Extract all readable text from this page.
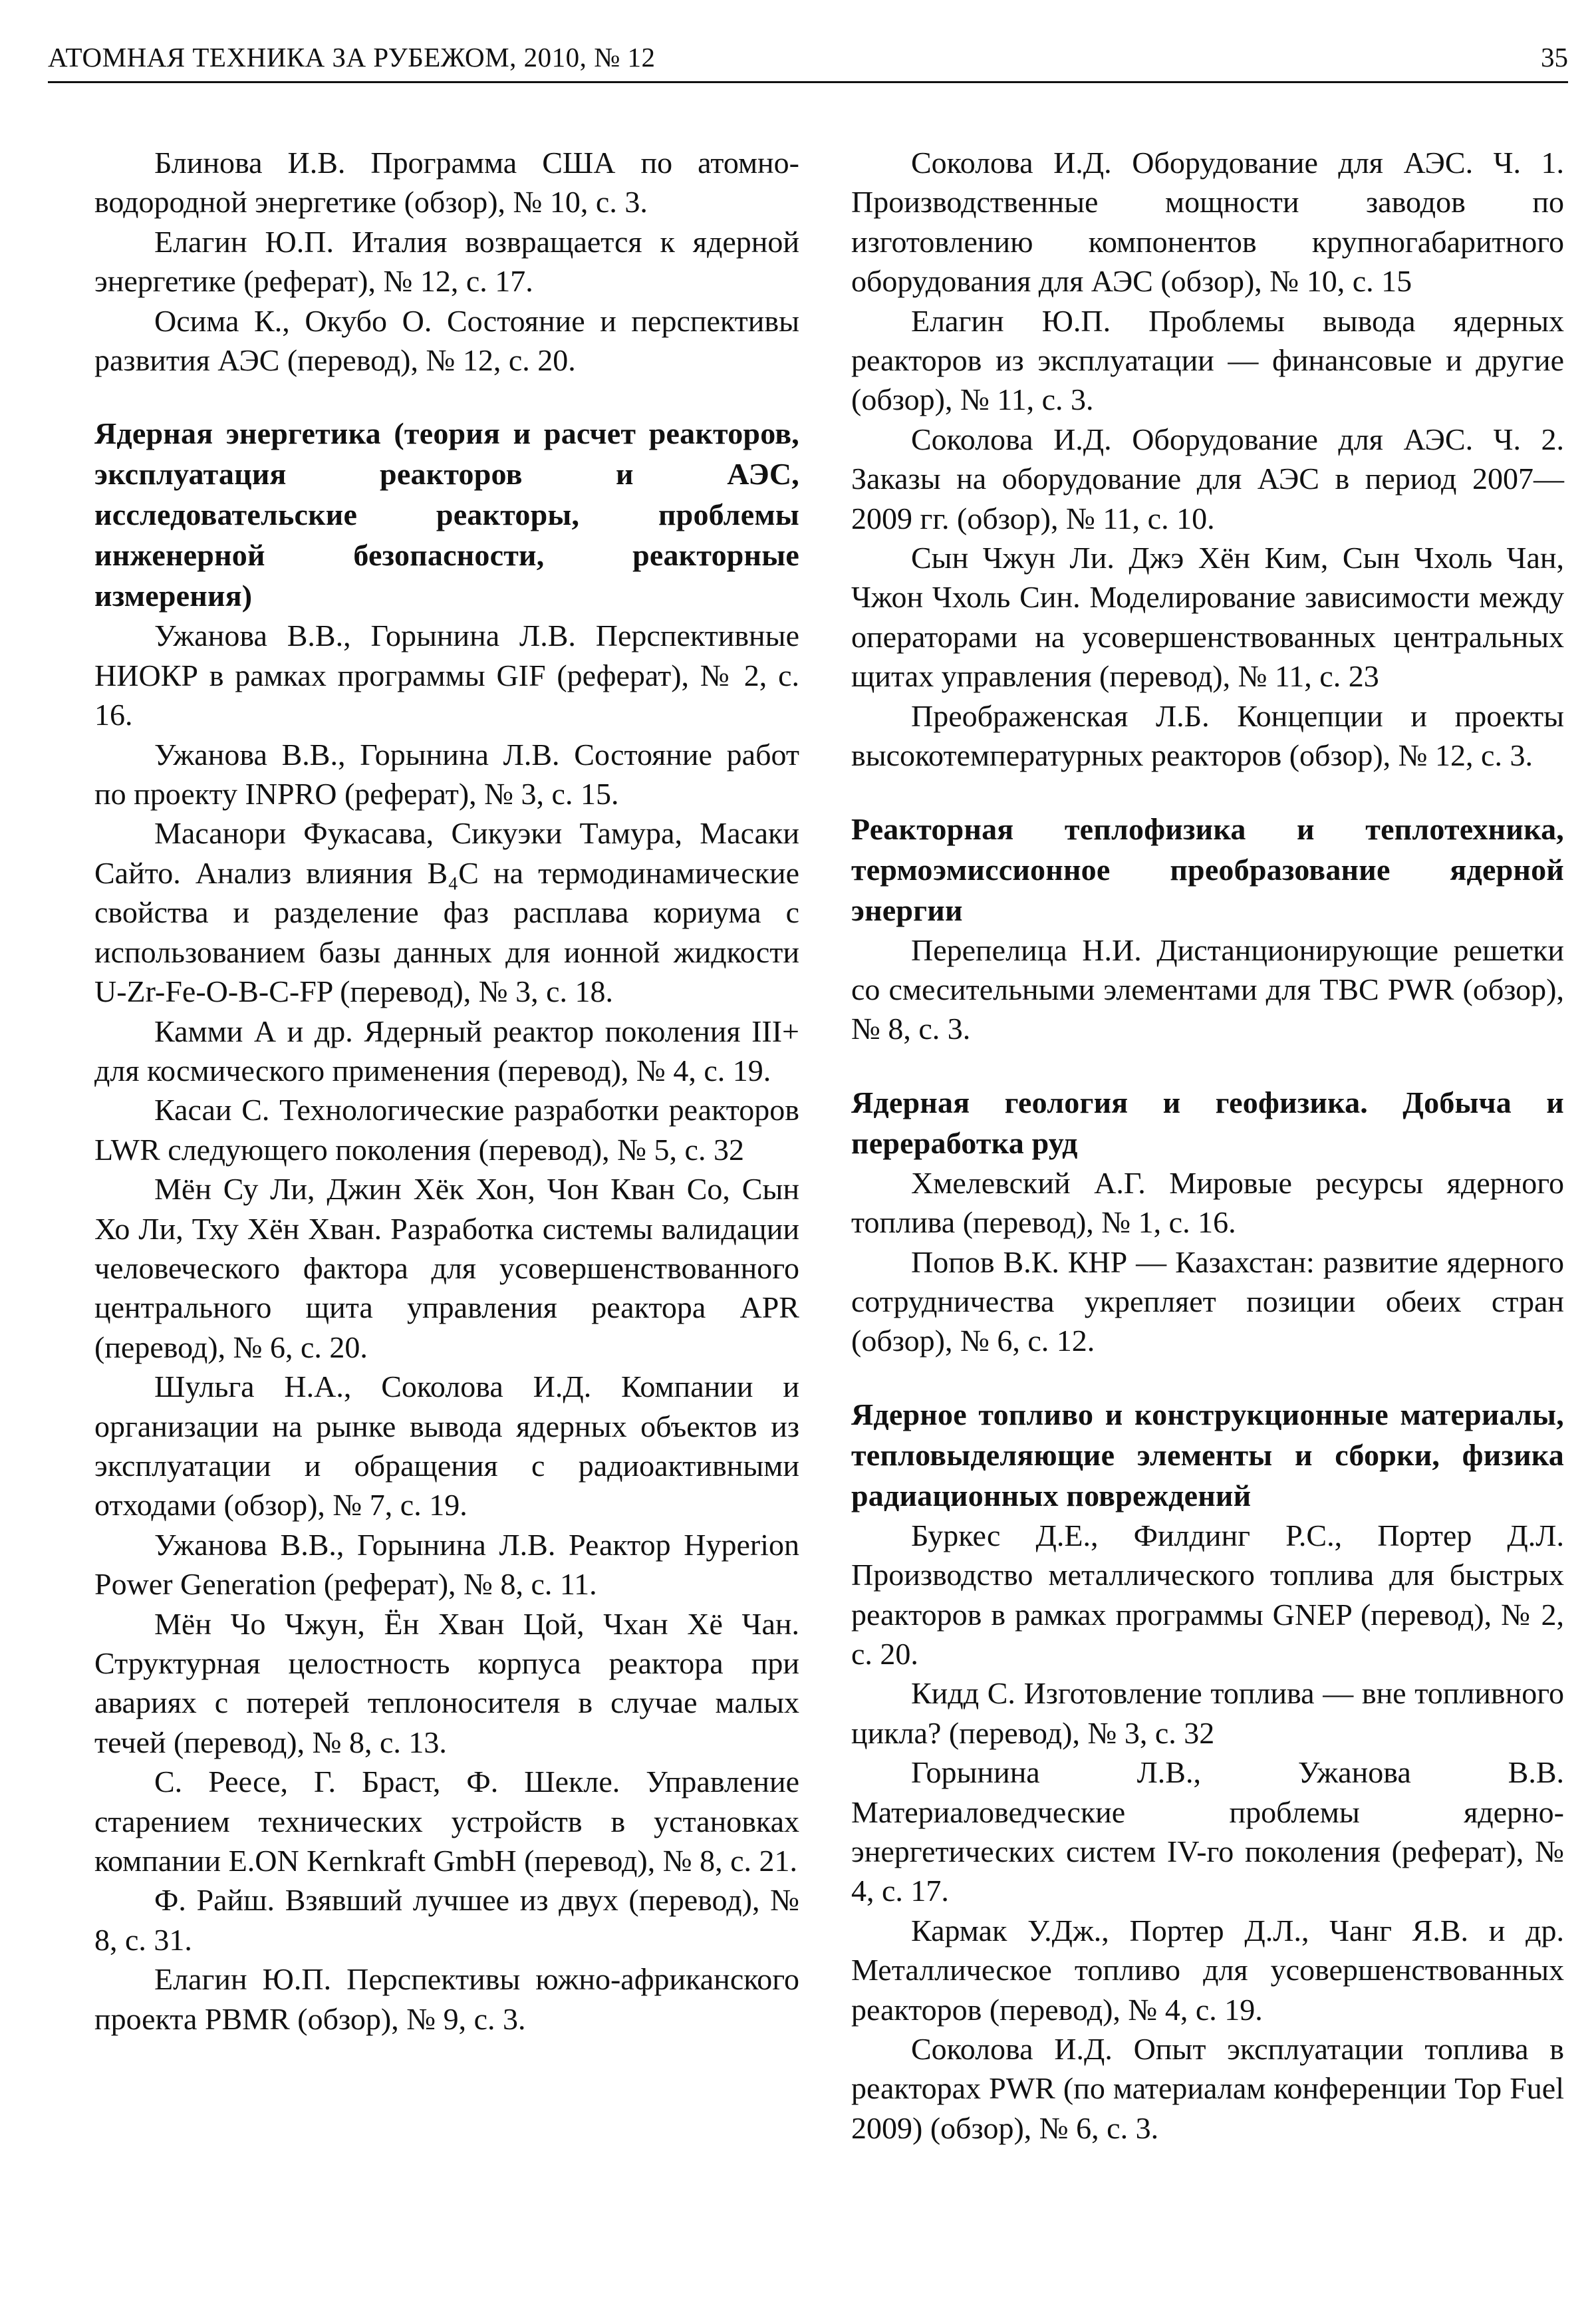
АТОМНАЯ ТЕХНИКА ЗА РУБЕЖОМ, 2010, № 12	35

Блинова И.В. Программа США по атомно-водородной энергетике (обзор), № 10, с. 3.

Елагин Ю.П. Италия возвращается к ядерной энергетике (реферат), № 12, с. 17.

Осима К., Окубо О. Состояние и перспективы развития АЭС (перевод), № 12, с. 20.

Ядерная энергетика (теория и расчет реакторов, эксплуатация реакторов и АЭС, исследовательские реакторы, проблемы инженерной безопасности, реакторные измерения)

Ужанова В.В., Горынина Л.В. Перспективные НИОКР в рамках программы GIF (реферат), № 2, с. 16.

Ужанова В.В., Горынина Л.В. Состояние работ по проекту INPRO (реферат), № 3, с. 15.

Масанори Фукасава, Сикуэки Тамура, Масаки Сайто. Анализ влияния B₄C на термодинамические свойства и разделение фаз расплава кориума с использованием базы данных для ионной жидкости U-Zr-Fe-O-B-C-FP (перевод), № 3, с. 18.

Камми А и др. Ядерный реактор поколения III+ для космического применения (перевод), № 4, с. 19.

Касаи С. Технологические разработки реакторов LWR следующего поколения (перевод), № 5, с. 32

Мён Су Ли, Джин Хёк Хон, Чон Кван Со, Сын Хо Ли, Тху Хён Хван. Разработка системы валидации человеческого фактора для усовершенствованного центрального щита управления реактора APR (перевод), № 6, с. 20.

Шульга Н.А., Соколова И.Д. Компании и организации на рынке вывода ядерных объектов из эксплуатации и обращения с радиоактивными отходами (обзор), № 7, с. 19.

Ужанова В.В., Горынина Л.В. Реактор Hyperion Power Generation (реферат), № 8, с. 11.

Мён Чо Чжун, Ён Хван Цой, Чхан Хё Чан. Структурная целостность корпуса реактора при авариях с потерей теплоносителя в случае малых течей (перевод), № 8, с. 13.

С. Реесе, Г. Браст, Ф. Шекле. Управление старением технических устройств в установках компании E.ON Kernkraft GmbH (перевод), № 8, с. 21.

Ф. Райш. Взявший лучшее из двух (перевод), № 8, с. 31.

Елагин Ю.П. Перспективы южно-африканского проекта PBMR (обзор), № 9, с. 3.

Соколова И.Д. Оборудование для АЭС. Ч. 1. Производственные мощности заводов по изготовлению компонентов крупногабаритного оборудования для АЭС (обзор), № 10, с. 15

Елагин Ю.П. Проблемы вывода ядерных реакторов из эксплуатации — финансовые и другие (обзор), № 11, с. 3.

Соколова И.Д. Оборудование для АЭС. Ч. 2. Заказы на оборудование для АЭС в период 2007—2009 гг. (обзор), № 11, с. 10.

Сын Чжун Ли. Джэ Хён Ким, Сын Чхоль Чан, Чжон Чхоль Син. Моделирование зависимости между операторами на усовершенствованных центральных щитах управления (перевод), № 11, с. 23

Преображенская Л.Б. Концепции и проекты высокотемпературных реакторов (обзор), № 12, с. 3.

Реакторная теплофизика и теплотехника, термоэмиссионное преобразование ядерной энергии

Перепелица Н.И. Дистанционирующие решетки со смесительными элементами для ТВС PWR (обзор), № 8, с. 3.

Ядерная геология и геофизика. Добыча и переработка руд

Хмелевский А.Г. Мировые ресурсы ядерного топлива (перевод), № 1, с. 16.

Попов В.К. КНР — Казахстан: развитие ядерного сотрудничества укрепляет позиции обеих стран (обзор), № 6, с. 12.

Ядерное топливо и конструкционные материалы, тепловыделяющие элементы и сборки, физика радиационных повреждений

Буркес Д.Е., Филдинг Р.С., Портер Д.Л. Производство металлического топлива для быстрых реакторов в рамках программы GNEP (перевод), № 2, с. 20.

Кидд С. Изготовление топлива — вне топливного цикла? (перевод), № 3, с. 32

Горынина Л.В., Ужанова В.В. Материаловедческие проблемы ядерно-энергетических систем IV-го поколения (реферат), № 4, с. 17.

Кармак У.Дж., Портер Д.Л., Чанг Я.В. и др. Металлическое топливо для усовершенствованных реакторов (перевод), № 4, с. 19.

Соколова И.Д. Опыт эксплуатации топлива в реакторах PWR (по материалам конференции Top Fuel 2009) (обзор), № 6, с. 3.
